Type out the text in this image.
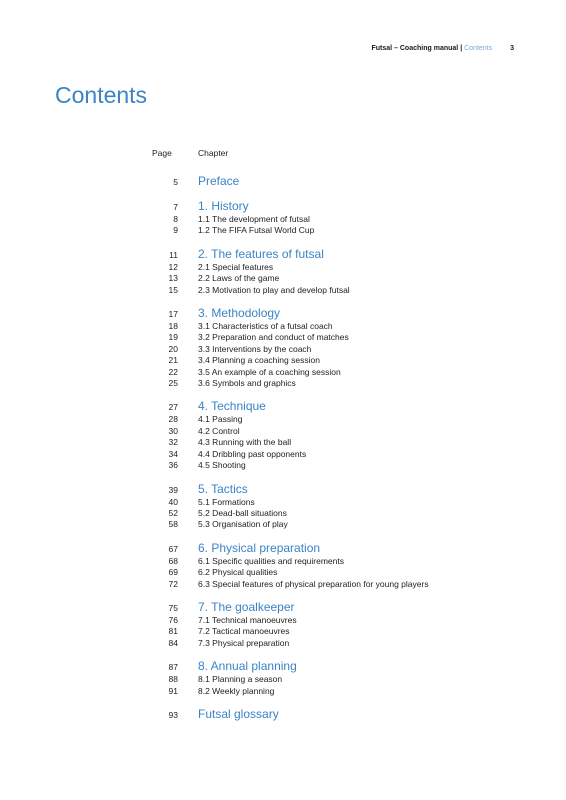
Futsal – Coaching manual | Contents	3
Contents
Page	Chapter
5	Preface
7	1. History
8	1.1 The development of futsal
9	1.2 The FIFA Futsal World Cup
11	2. The features of futsal
12	2.1 Special features
13	2.2 Laws of the game
15	2.3 Motivation to play and develop futsal
17	3. Methodology
18	3.1 Characteristics of a futsal coach
19	3.2 Preparation and conduct of matches
20	3.3 Interventions by the coach
21	3.4 Planning a coaching session
22	3.5 An example of a coaching session
25	3.6 Symbols and graphics
27	4. Technique
28	4.1 Passing
30	4.2 Control
32	4.3 Running with the ball
34	4.4 Dribbling past opponents
36	4.5 Shooting
39	5. Tactics
40	5.1 Formations
52	5.2 Dead-ball situations
58	5.3 Organisation of play
67	6. Physical preparation
68	6.1 Specific qualities and requirements
69	6.2 Physical qualities
72	6.3 Special features of physical preparation for young players
75	7. The goalkeeper
76	7.1 Technical manoeuvres
81	7.2 Tactical manoeuvres
84	7.3 Physical preparation
87	8. Annual planning
88	8.1 Planning a season
91	8.2 Weekly planning
93	Futsal glossary
